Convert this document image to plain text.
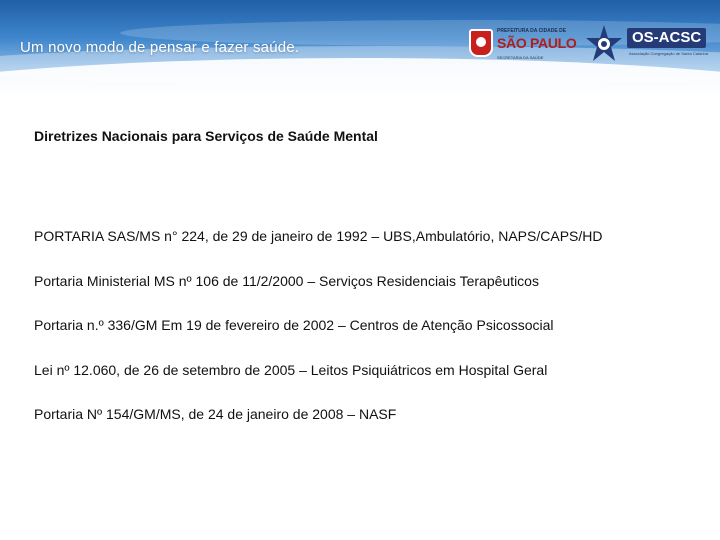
Um novo modo de pensar e fazer saúde.
PREFEITURA DA CIDADE DE
SÃO PAULO
SECRETARIA DA SAÚDE
OS-ACSC
Associação Congregação de Santa Catarina
Diretrizes Nacionais para Serviços de Saúde Mental
PORTARIA SAS/MS n° 224, de 29 de janeiro de 1992 – UBS,Ambulatório, NAPS/CAPS/HD
Portaria Ministerial MS nº 106 de 11/2/2000 – Serviços Residenciais Terapêuticos
Portaria n.º 336/GM Em 19 de fevereiro de 2002 – Centros de Atenção Psicossocial
Lei nº 12.060, de 26 de setembro de 2005 – Leitos Psiquiátricos em Hospital Geral
Portaria Nº 154/GM/MS, de 24 de janeiro de 2008 – NASF
